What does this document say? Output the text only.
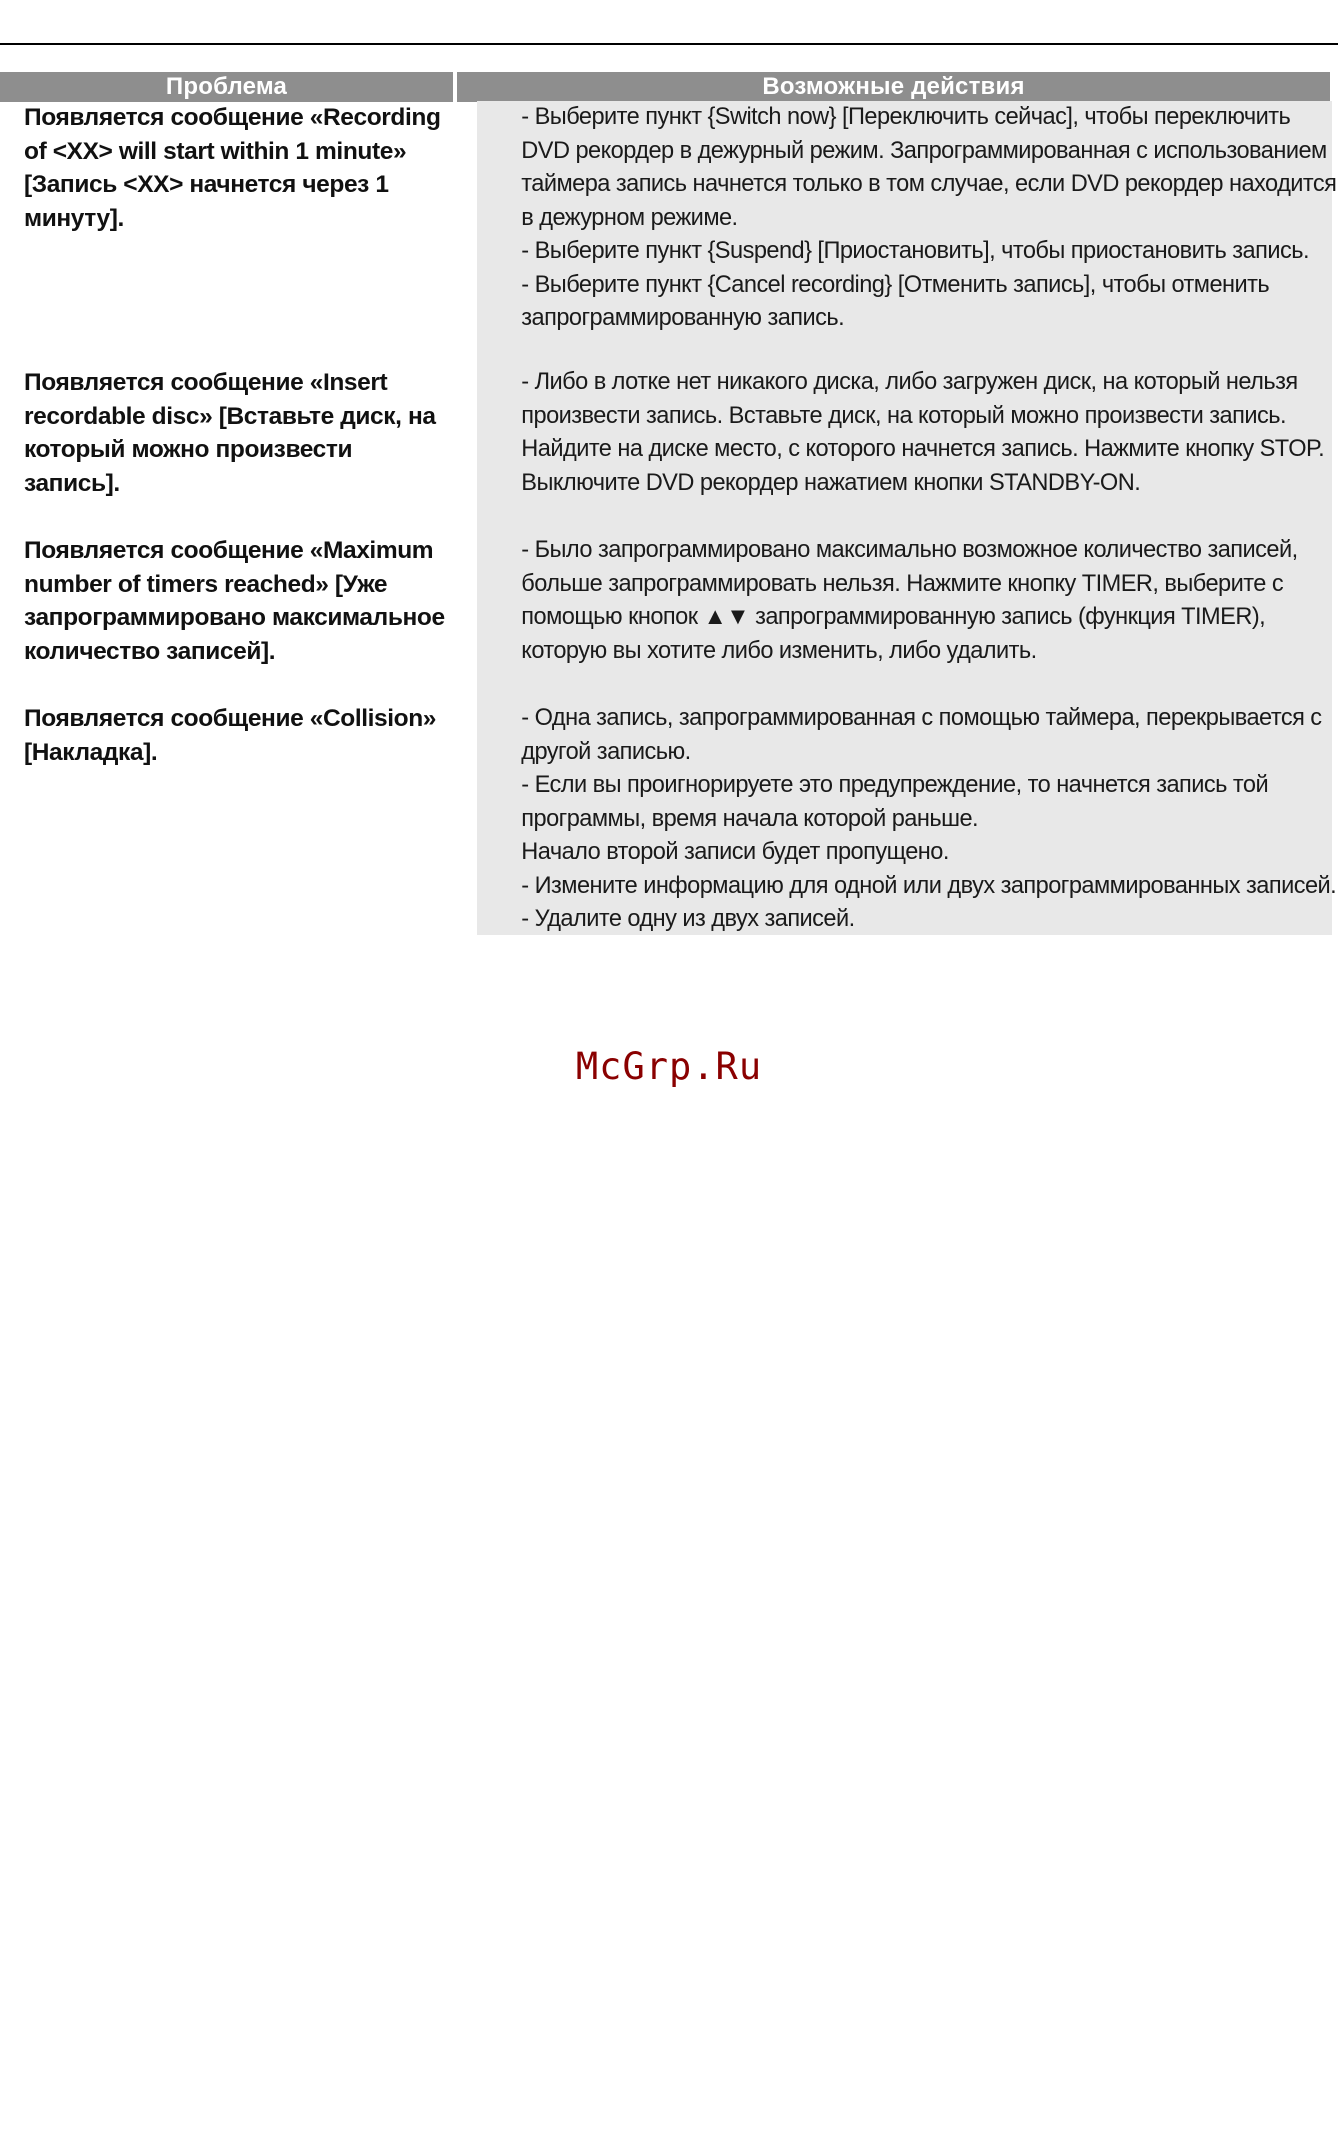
Проблема	Возможные действия
Появляется сообщение «Recording of <XX> will start within 1 minute» [Запись <XX> начнется через 1 минуту].

- Выберите пункт {Switch now} [Переключить сейчас], чтобы переключить DVD рекордер в дежурный режим. Запрограммированная с использованием таймера запись начнется только в том случае, если DVD рекордер находится в дежурном режиме.

- Выберите пункт {Suspend} [Приостановить], чтобы приостановить запись.

- Выберите пункт {Cancel recording} [Отменить запись], чтобы отменить запрограммированную запись.

Появляется сообщение «Insert recordable disc» [Вставьте диск, на который можно произвести запись].

- Либо в лотке нет никакого диска, либо загружен диск, на который нельзя произвести запись. Вставьте диск, на который можно произвести запись. Найдите на диске место, с которого начнется запись. Нажмите кнопку STOP. Выключите DVD рекордер нажатием кнопки STANDBY-ON.

Появляется сообщение «Maximum number of timers reached» [Уже запрограммировано максимальное количество записей].

- Было запрограммировано максимально возможное количество записей, больше запрограммировать нельзя. Нажмите кнопку TIMER, выберите с помощью кнопок ▲▼ запрограммированную запись (функция TIMER), которую вы хотите либо изменить, либо удалить.

Появляется сообщение «Collision» [Накладка].

- Одна запись, запрограммированная с помощью таймера, перекрывается с другой записью.

- Если вы проигнорируете это предупреждение, то начнется запись той программы, время начала которой раньше.

Начало второй записи будет пропущено.

- Измените информацию для одной или двух запрограммированных записей.

- Удалите одну из двух записей.

McGrp.Ru
